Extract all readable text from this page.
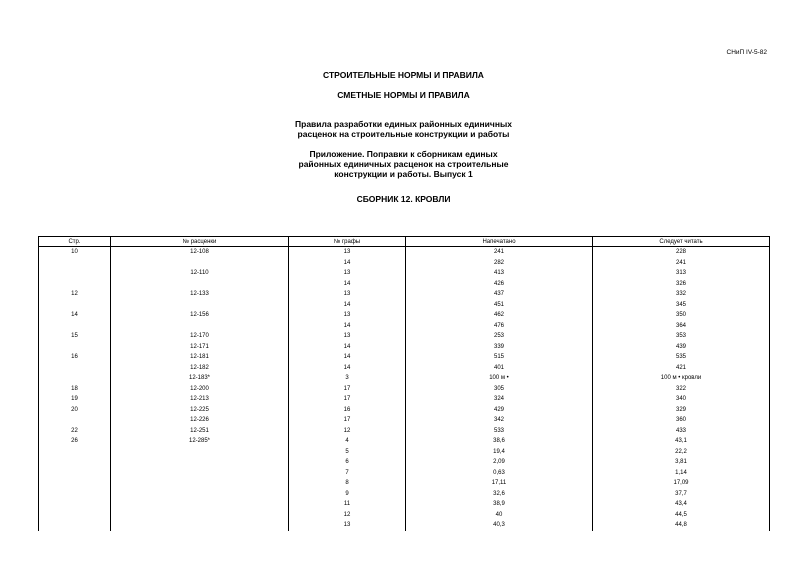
СНиП IV-5-82
СТРОИТЕЛЬНЫЕ НОРМЫ И ПРАВИЛА
СМЕТНЫЕ НОРМЫ И ПРАВИЛА
Правила разработки единых районных единичных
расценок на строительные конструкции и работы
Приложение. Поправки к сборникам единых
районных единичных расценок на строительные
конструкции и работы. Выпуск 1
СБОРНИК 12. КРОВЛИ
Стр.	№ расценки	№ графы	Напечатано	Следует читать
10	12-108	13	241	228
		14	282	241
	12-110	13	413	313
		14	426	326
12	12-133	13	437	332
		14	451	345
14	12-156	13	462	350
		14	476	364
15	12-170	13	253	353
	12-171	14	339	439
16	12-181	14	515	535
	12-182	14	401	421
	12-183*	3	100 м •	100 м • кровли
18	12-200	17	305	322
19	12-213	17	324	340
20	12-225	16	429	329
	12-226	17	342	360
22	12-251	12	533	433
26	12-285*	4	38,6	43,1
		5	19,4	22,2
		6	2,09	3,81
		7	0,63	1,14
		8	17,11	17,09
		9	32,6	37,7
		11	38,9	43,4
		12	40	44,5
		13	40,3	44,8
